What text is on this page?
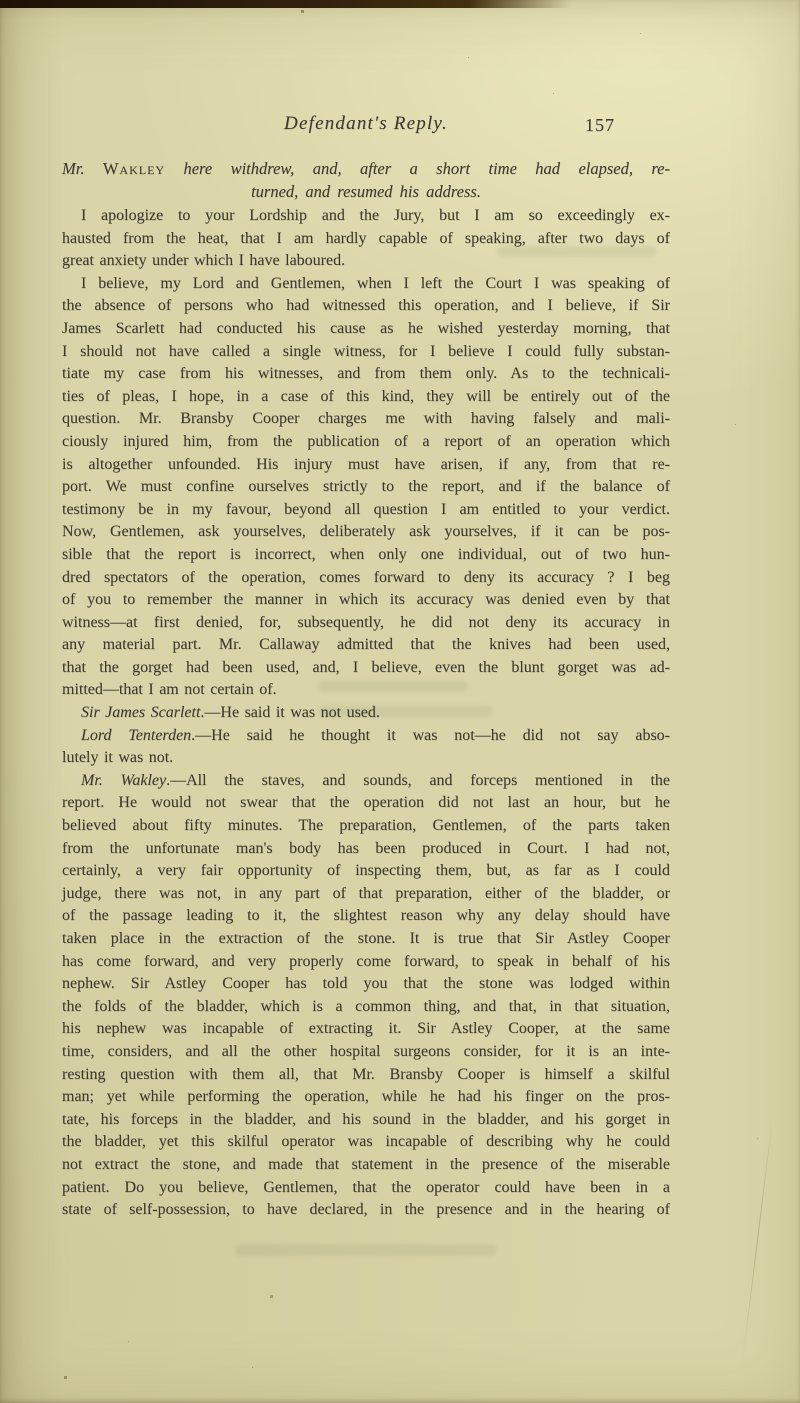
Defendant's Reply.	157
Mr. Wakley here withdrew, and, after a short time had elapsed, re-
turned, and resumed his address.
I apologize to your Lordship and the Jury, but I am so exceedingly ex-
hausted from the heat, that I am hardly capable of speaking, after two days of
great anxiety under which I have laboured.
I believe, my Lord and Gentlemen, when I left the Court I was speaking of
the absence of persons who had witnessed this operation, and I believe, if Sir
James Scarlett had conducted his cause as he wished yesterday morning, that
I should not have called a single witness, for I believe I could fully substan-
tiate my case from his witnesses, and from them only. As to the technicali-
ties of pleas, I hope, in a case of this kind, they will be entirely out of the
question. Mr. Bransby Cooper charges me with having falsely and mali-
ciously injured him, from the publication of a report of an operation which
is altogether unfounded. His injury must have arisen, if any, from that re-
port. We must confine ourselves strictly to the report, and if the balance of
testimony be in my favour, beyond all question I am entitled to your verdict.
Now, Gentlemen, ask yourselves, deliberately ask yourselves, if it can be pos-
sible that the report is incorrect, when only one individual, out of two hun-
dred spectators of the operation, comes forward to deny its accuracy ? I beg
of you to remember the manner in which its accuracy was denied even by that
witness—at first denied, for, subsequently, he did not deny its accuracy in
any material part. Mr. Callaway admitted that the knives had been used,
that the gorget had been used, and, I believe, even the blunt gorget was ad-
mitted—that I am not certain of.
Sir James Scarlett.—He said it was not used.
Lord Tenterden.—He said he thought it was not—he did not say abso-
lutely it was not.
Mr. Wakley.—All the staves, and sounds, and forceps mentioned in the
report. He would not swear that the operation did not last an hour, but he
believed about fifty minutes. The preparation, Gentlemen, of the parts taken
from the unfortunate man's body has been produced in Court. I had not,
certainly, a very fair opportunity of inspecting them, but, as far as I could
judge, there was not, in any part of that preparation, either of the bladder, or
of the passage leading to it, the slightest reason why any delay should have
taken place in the extraction of the stone. It is true that Sir Astley Cooper
has come forward, and very properly come forward, to speak in behalf of his
nephew. Sir Astley Cooper has told you that the stone was lodged within
the folds of the bladder, which is a common thing, and that, in that situation,
his nephew was incapable of extracting it. Sir Astley Cooper, at the same
time, considers, and all the other hospital surgeons consider, for it is an inte-
resting question with them all, that Mr. Bransby Cooper is himself a skilful
man; yet while performing the operation, while he had his finger on the pros-
tate, his forceps in the bladder, and his sound in the bladder, and his gorget in
the bladder, yet this skilful operator was incapable of describing why he could
not extract the stone, and made that statement in the presence of the miserable
patient. Do you believe, Gentlemen, that the operator could have been in a
state of self-possession, to have declared, in the presence and in the hearing of
